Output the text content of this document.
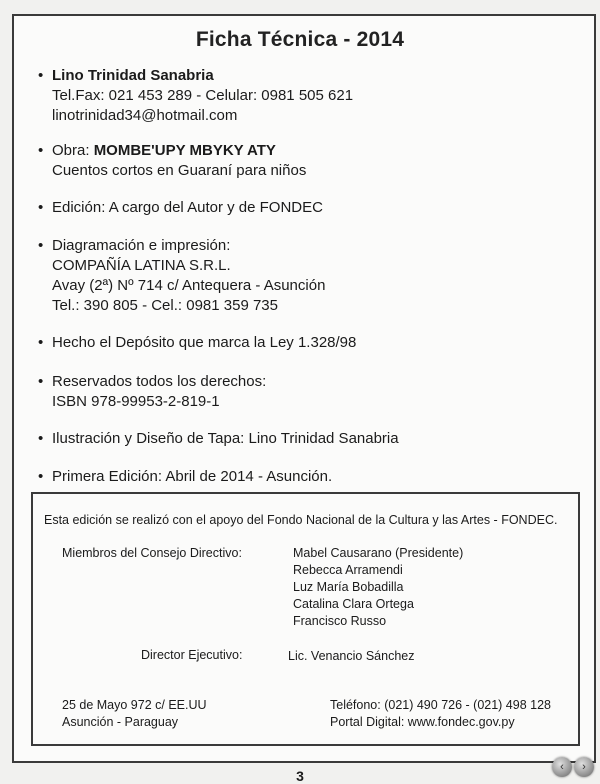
Ficha Técnica - 2014
• Lino Trinidad Sanabria
Tel.Fax: 021 453 289 - Celular: 0981 505 621
linotrinidad34@hotmail.com
• Obra: MOMBE'UPY MBYKY ATY
Cuentos cortos en Guaraní para niños
• Edición: A cargo del Autor y de FONDEC
• Diagramación e impresión:
COMPAÑÍA LATINA S.R.L.
Avay (2ª) Nº 714 c/ Antequera - Asunción
Tel.: 390 805 - Cel.: 0981 359 735
• Hecho el Depósito que marca la Ley 1.328/98
• Reservados todos los derechos:
ISBN 978-99953-2-819-1
• Ilustración y Diseño de Tapa: Lino Trinidad Sanabria
• Primera Edición: Abril de 2014 - Asunción.
Esta edición se realizó con el apoyo del Fondo Nacional de la Cultura y las Artes - FONDEC.
Miembros del Consejo Directivo:	Mabel Causarano (Presidente)
Rebecca Arramendi
Luz María Bobadilla
Catalina Clara Ortega
Francisco Russo
Director Ejecutivo:	Lic. Venancio Sánchez
25 de Mayo 972 c/ EE.UU
Asunción - Paraguay
Teléfono: (021) 490 726 - (021) 498 128
Portal Digital: www.fondec.gov.py
3
‹	›
